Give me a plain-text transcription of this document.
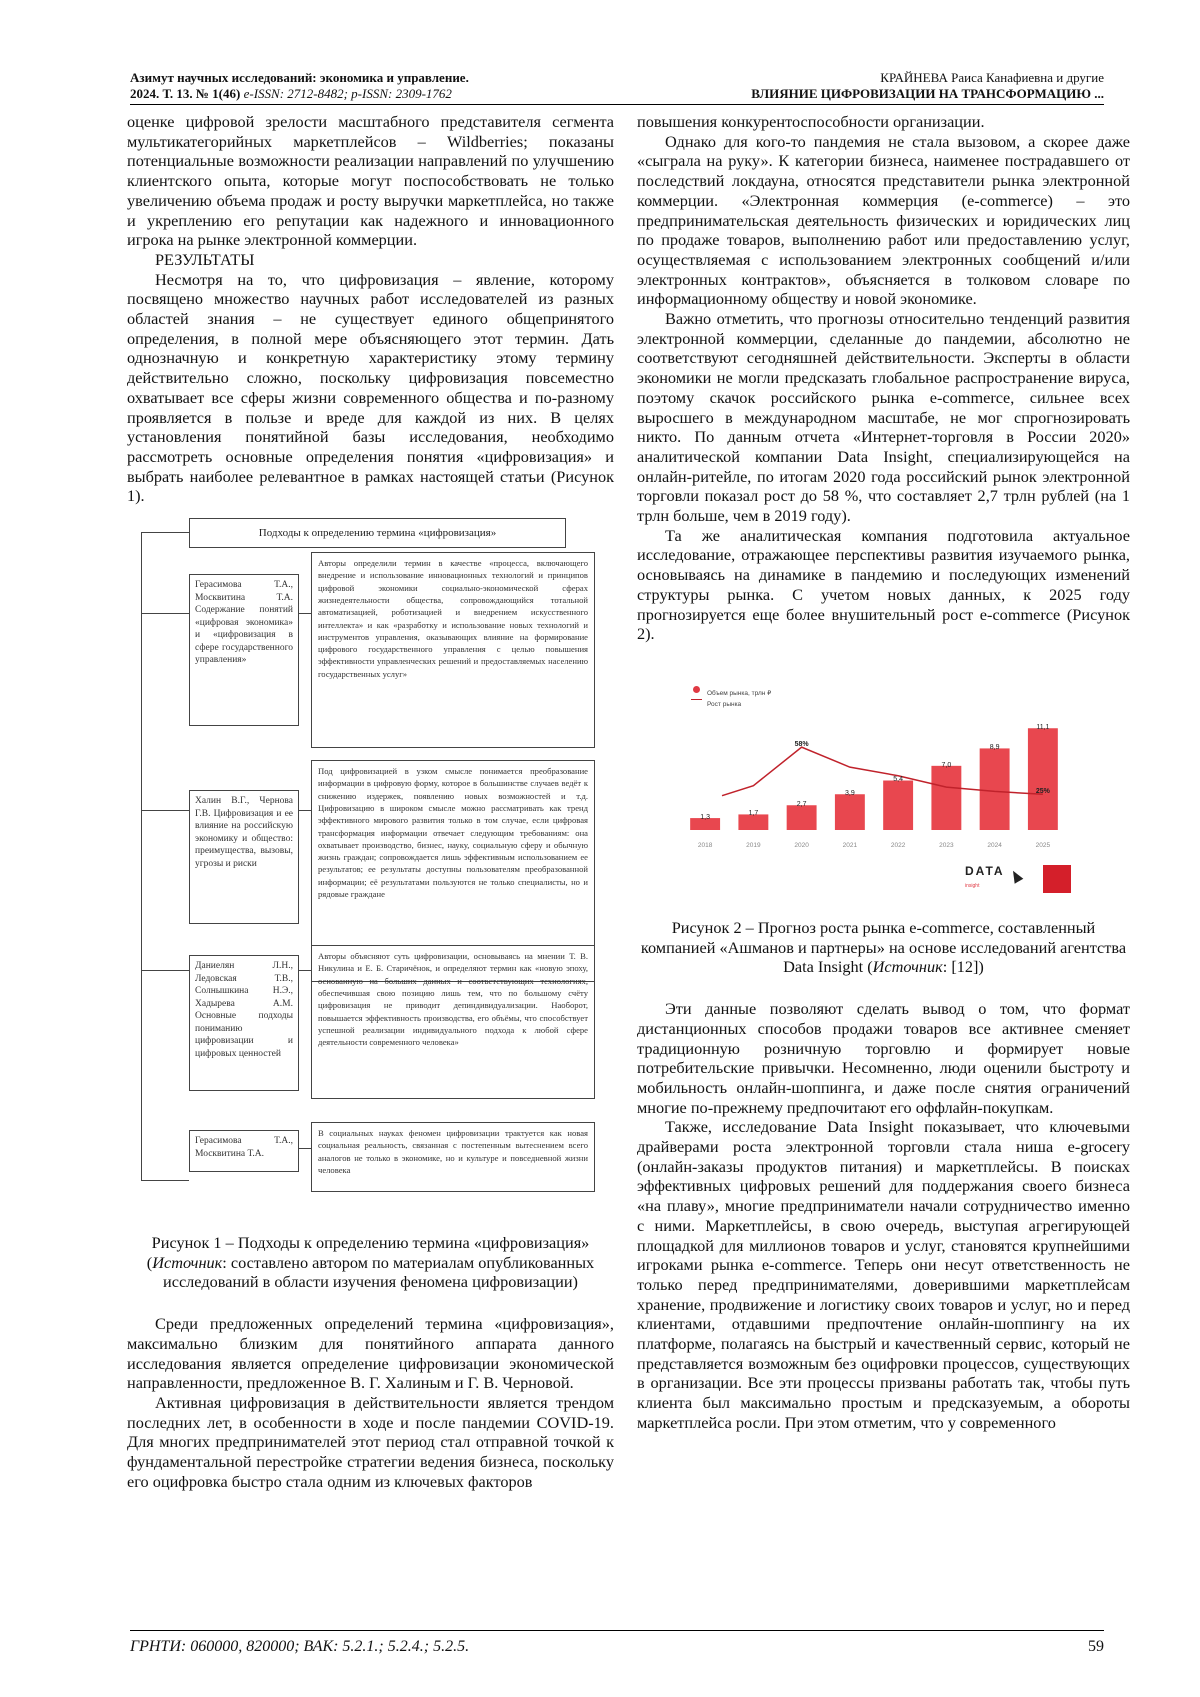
Азимут научных исследований: экономика и управление.
2024. Т. 13. № 1(46) e-ISSN: 2712-8482; p-ISSN: 2309-1762
КРАЙНЕВА Раиса Канафиевна и другие
ВЛИЯНИЕ ЦИФРОВИЗАЦИИ НА ТРАНСФОРМАЦИЮ ...

оценке цифровой зрелости масштабного представителя сегмента мультикатегорийных маркетплейсов – Wildberries; показаны потенциальные возможности реализации направлений по улучшению клиентского опыта, которые могут поспособствовать не только увеличению объема продаж и росту выручки маркетплейса, но также и укреплению его репутации как надежного и инновационного игрока на рынке электронной коммерции.

РЕЗУЛЬТАТЫ

Несмотря на то, что цифровизация – явление, которому посвящено множество научных работ исследователей из разных областей знания – не существует единого общепринятого определения, в полной мере объясняющего этот термин. Дать однозначную и конкретную характеристику этому термину действительно сложно, поскольку цифровизация повсеместно охватывает все сферы жизни современного общества и по-разному проявляется в пользе и вреде для каждой из них. В целях установления понятийной базы исследования, необходимо рассмотреть основные определения понятия «цифровизация» и выбрать наиболее релевантное в рамках настоящей статьи (Рисунок 1).

Подходы к определению термина «цифровизация»
Герасимова Т.А., Москвитина Т.А. Содержание понятий «цифровая экономика» и «цифровизация в сфере государственного управления»
Авторы определили термин в качестве «процесса, включающего внедрение и использование инновационных технологий и принципов цифровой экономики социально-экономической сферах жизнедеятельности общества, сопровождающийся тотальной автоматизацией, роботизацией и внедрением искусственного интеллекта» и как «разработку и использование новых технологий и инструментов управления, оказывающих влияние на формирование цифрового государственного управления с целью повышения эффективности управленческих решений и предоставляемых населению государственных услуг»
Халин В.Г., Чернова Г.В. Цифровизация и ее влияние на российскую экономику и общество: преимущества, вызовы, угрозы и риски
Под цифровизацией в узком смысле понимается преобразование информации в цифровую форму, которое в большинстве случаев ведёт к снижению издержек, появлению новых возможностей и т.д. Цифровизацию в широком смысле можно рассматривать как тренд эффективного мирового развития только в том случае, если цифровая трансформация информации отвечает следующим требованиям: она охватывает производство, бизнес, науку, социальную сферу и обычную жизнь граждан; сопровождается лишь эффективным использованием ее результатов; ее результаты доступны пользователям преобразованной информации; её результатами пользуются не только специалисты, но и рядовые граждане
Даниелян Л.Н., Ледовская Т.В., Солнышкина Н.Э., Хадырева А.М. Основные подходы пониманию цифровизации и цифровых ценностей
Авторы объясняют суть цифровизации, основываясь на мнении Т. В. Никулина и Е. Б. Старичёнок, и определяют термин как «новую эпоху, основанную на больших данных и соответствующих технологиях, обеспечившая свою позицию лишь тем, что по большому счёту цифровизация не приводит депиндивидуализации. Наоборот, повышается эффективность производства, его объёмы, что способствует успешной реализации индивидуального подхода к любой сфере деятельности современного человека»
Герасимова Т.А., Москвитина Т.А.
В социальных науках феномен цифровизации трактуется как новая социальная реальность, связанная с постепенным вытеснением всего аналогов не только в экономике, но и культуре и повседневной жизни человека

Рисунок 1 – Подходы к определению термина «цифровизация» (Источник: составлено автором по материалам опубликованных исследований в области изучения феномена цифровизации)

Среди предложенных определений термина «цифровизация», максимально близким для понятийного аппарата данного исследования является определение цифровизации экономической направленности, предложенное В. Г. Халиным и Г. В. Черновой.

Активная цифровизация в действительности является трендом последних лет, в особенности в ходе и после пандемии COVID-19. Для многих предпринимателей этот период стал отправной точкой к фундаментальной перестройке стратегии ведения бизнеса, поскольку его оцифровка быстро стала одним из ключевых факторов

повышения конкурентоспособности организации.

Однако для кого-то пандемия не стала вызовом, а скорее даже «сыграла на руку». К категории бизнеса, наименее пострадавшего от последствий локдауна, относятся представители рынка электронной коммерции. «Электронная коммерция (e-commerce) – это предпринимательская деятельность физических и юридических лиц по продаже товаров, выполнению работ или предоставлению услуг, осуществляемая с использованием электронных сообщений и/или электронных контрактов», объясняется в толковом словаре по информационному обществу и новой экономике.

Важно отметить, что прогнозы относительно тенденций развития электронной коммерции, сделанные до пандемии, абсолютно не соответствуют сегодняшней действительности. Эксперты в области экономики не могли предсказать глобальное распространение вируса, поэтому скачок российского рынка e-commerce, сильнее всех выросшего в международном масштабе, не мог спрогнозировать никто. По данным отчета «Интернет-торговля в России 2020» аналитической компании Data Insight, специализирующейся на онлайн-ритейле, по итогам 2020 года российский рынок электронной торговли показал рост до 58 %, что составляет 2,7 трлн рублей (на 1 трлн больше, чем в 2019 году).

Та же аналитическая компания подготовила актуальное исследование, отражающее перспективы развития изучаемого рынка, основываясь на динамике в пандемию и последующих изменений структуры рынка. С учетом новых данных, к 2025 году прогнозируется еще более внушительный рост e-commerce (Рисунок 2).

Объем рынка, трлн ₽
Рост рынка
DATA
insight
1,3
2018
1,7
2019
2,7
2020
3,9
2021
5,4
2022
7,0
2023
8,9
2024
11,1
2025
58%
25%

Рисунок 2 – Прогноз роста рынка e-commerce, составленный компанией «Ашманов и партнеры» на основе исследований агентства Data Insight (Источник: [12])

Эти данные позволяют сделать вывод о том, что формат дистанционных способов продажи товаров все активнее сменяет традиционную розничную торговлю и формирует новые потребительские привычки. Несомненно, люди оценили быстроту и мобильность онлайн-шоппинга, и даже после снятия ограничений многие по-прежнему предпочитают его оффлайн-покупкам.

Также, исследование Data Insight показывает, что ключевыми драйверами роста электронной торговли стала ниша e-grocery (онлайн-заказы продуктов питания) и маркетплейсы. В поисках эффективных цифровых решений для поддержания своего бизнеса «на плаву», многие предприниматели начали сотрудничество именно с ними. Маркетплейсы, в свою очередь, выступая агрегирующей площадкой для миллионов товаров и услуг, становятся крупнейшими игроками рынка e-commerce. Теперь они несут ответственность не только перед предпринимателями, доверившими маркетплейсам хранение, продвижение и логистику своих товаров и услуг, но и перед клиентами, отдавшими предпочтение онлайн-шоппингу на их платформе, полагаясь на быстрый и качественный сервис, который не представляется возможным без оцифровки процессов, существующих в организации. Все эти процессы призваны работать так, чтобы путь клиента был максимально простым и предсказуемым, а обороты маркетплейса росли. При этом отметим, что у современного

ГРНТИ: 060000, 820000; ВАК: 5.2.1.; 5.2.4.; 5.2.5.	59
